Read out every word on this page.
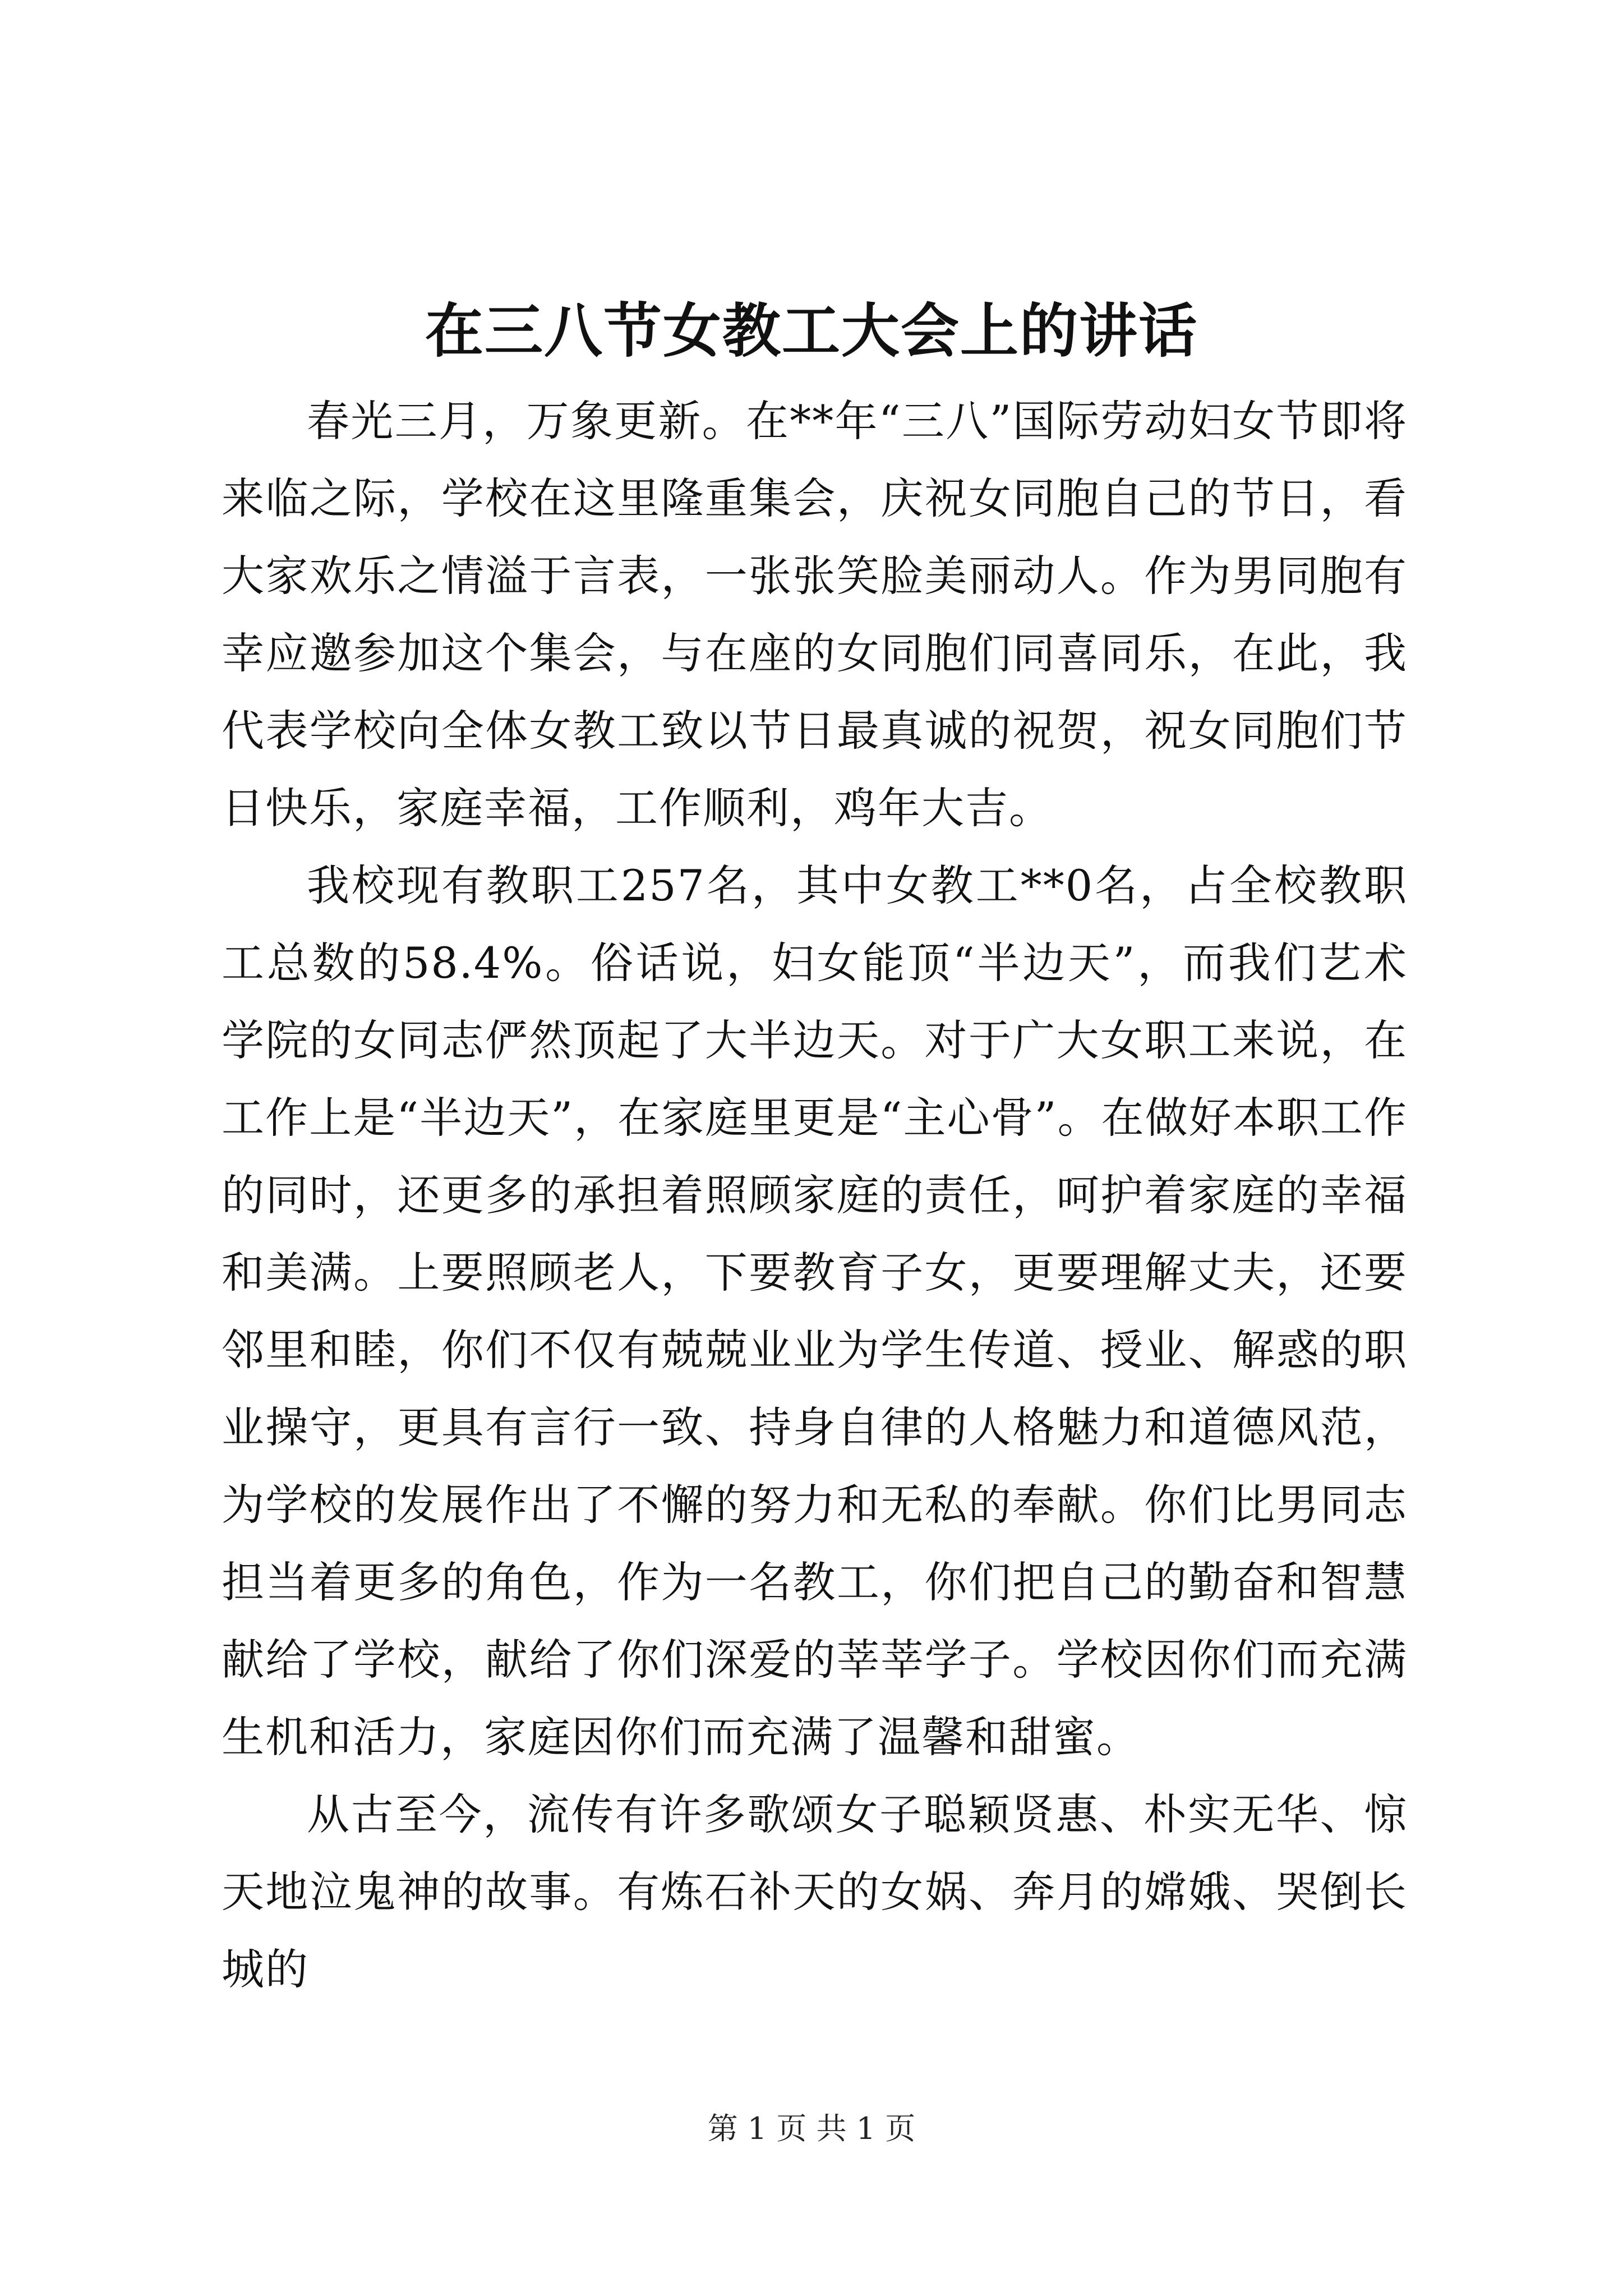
在三八节女教工大会上的讲话

春光三月，万象更新。在**年“三八”国际劳动妇女节即将来临之际，学校在这里隆重集会，庆祝女同胞自己的节日，看大家欢乐之情溢于言表，一张张笑脸美丽动人。作为男同胞有幸应邀参加这个集会，与在座的女同胞们同喜同乐，在此，我代表学校向全体女教工致以节日最真诚的祝贺，祝女同胞们节日快乐，家庭幸福，工作顺利，鸡年大吉。

我校现有教职工257名，其中女教工**0名，占全校教职工总数的58.4%。俗话说，妇女能顶“半边天”，而我们艺术学院的女同志俨然顶起了大半边天。对于广大女职工来说，在工作上是“半边天”，在家庭里更是“主心骨”。在做好本职工作的同时，还更多的承担着照顾家庭的责任，呵护着家庭的幸福和美满。上要照顾老人，下要教育子女，更要理解丈夫，还要邻里和睦，你们不仅有兢兢业业为学生传道、授业、解惑的职业操守，更具有言行一致、持身自律的人格魅力和道德风范，为学校的发展作出了不懈的努力和无私的奉献。你们比男同志担当着更多的角色，作为一名教工，你们把自己的勤奋和智慧献给了学校，献给了你们深爱的莘莘学子。学校因你们而充满生机和活力，家庭因你们而充满了温馨和甜蜜。

从古至今，流传有许多歌颂女子聪颖贤惠、朴实无华、惊天地泣鬼神的故事。有炼石补天的女娲、奔月的嫦娥、哭倒长城的

第 1 页 共 1 页
